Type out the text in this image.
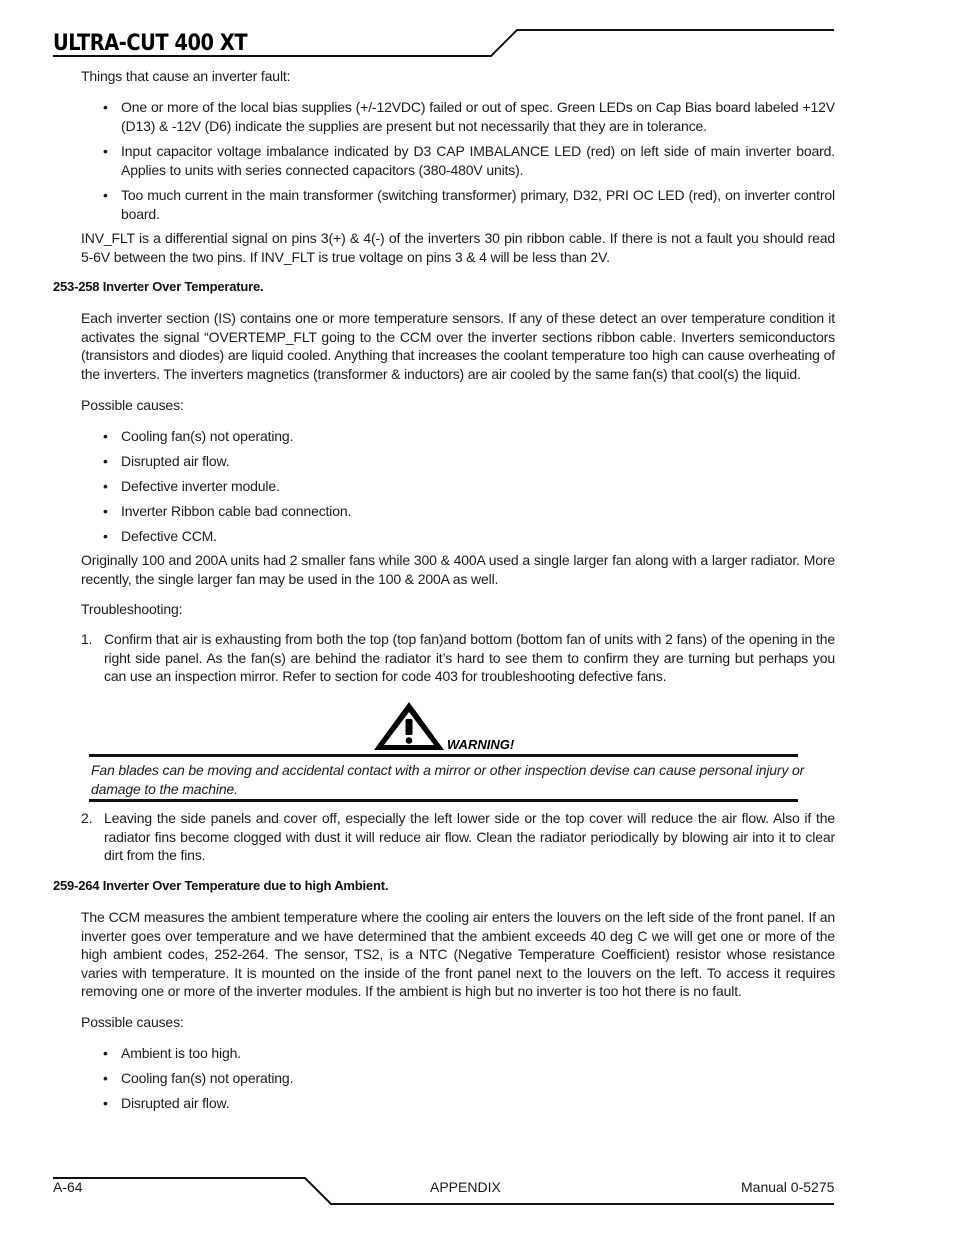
ULTRA-CUT 400 XT

Things that cause an inverter fault:

• One or more of the local bias supplies (+/-12VDC) failed or out of spec. Green LEDs on Cap Bias board labeled +12V (D13) & -12V (D6) indicate the supplies are present but not necessarily that they are in tolerance.
• Input capacitor voltage imbalance indicated by D3 CAP IMBALANCE LED (red) on left side of main inverter board. Applies to units with series connected capacitors (380-480V units).
• Too much current in the main transformer (switching transformer) primary, D32, PRI OC LED (red), on inverter control board.

INV_FLT is a differential signal on pins 3(+) & 4(-) of the inverters 30 pin ribbon cable. If there is not a fault you should read 5-6V between the two pins. If INV_FLT is true voltage on pins 3 & 4 will be less than 2V.

253-258 Inverter Over Temperature.

Each inverter section (IS) contains one or more temperature sensors. If any of these detect an over temperature condition it activates the signal “OVERTEMP_FLT going to the CCM over the inverter sections ribbon cable. Inverters semiconductors (transistors and diodes) are liquid cooled. Anything that increases the coolant temperature too high can cause overheating of the inverters. The inverters magnetics (transformer & inductors) are air cooled by the same fan(s) that cool(s) the liquid.

Possible causes:

• Cooling fan(s) not operating.
• Disrupted air flow.
• Defective inverter module.
• Inverter Ribbon cable bad connection.
• Defective CCM.

Originally 100 and 200A units had 2 smaller fans while 300 & 400A used a single larger fan along with a larger radiator. More recently, the single larger fan may be used in the 100 & 200A as well.

Troubleshooting:

1. Confirm that air is exhausting from both the top (top fan)and bottom (bottom fan of units with 2 fans) of the opening in the right side panel. As the fan(s) are behind the radiator it’s hard to see them to confirm they are turning but perhaps you can use an inspection mirror. Refer to section for code 403 for troubleshooting defective fans.
WARNING!

Fan blades can be moving and accidental contact with a mirror or other inspection devise can cause personal injury or damage to the machine.

2. Leaving the side panels and cover off, especially the left lower side or the top cover will reduce the air flow. Also if the radiator fins become clogged with dust it will reduce air flow. Clean the radiator periodically by blowing air into it to clear dirt from the fins.
259-264 Inverter Over Temperature due to high Ambient.

The CCM measures the ambient temperature where the cooling air enters the louvers on the left side of the front panel. If an inverter goes over temperature and we have determined that the ambient exceeds 40 deg C we will get one or more of the high ambient codes, 252-264. The sensor, TS2, is a NTC (Negative Temperature Coefficient) resistor whose resistance varies with temperature. It is mounted on the inside of the front panel next to the louvers on the left. To access it requires removing one or more of the inverter modules. If the ambient is high but no inverter is too hot there is no fault.

Possible causes:

• Ambient is too high.
• Cooling fan(s) not operating.
• Disrupted air flow.
A-64	APPENDIX	Manual 0-5275
